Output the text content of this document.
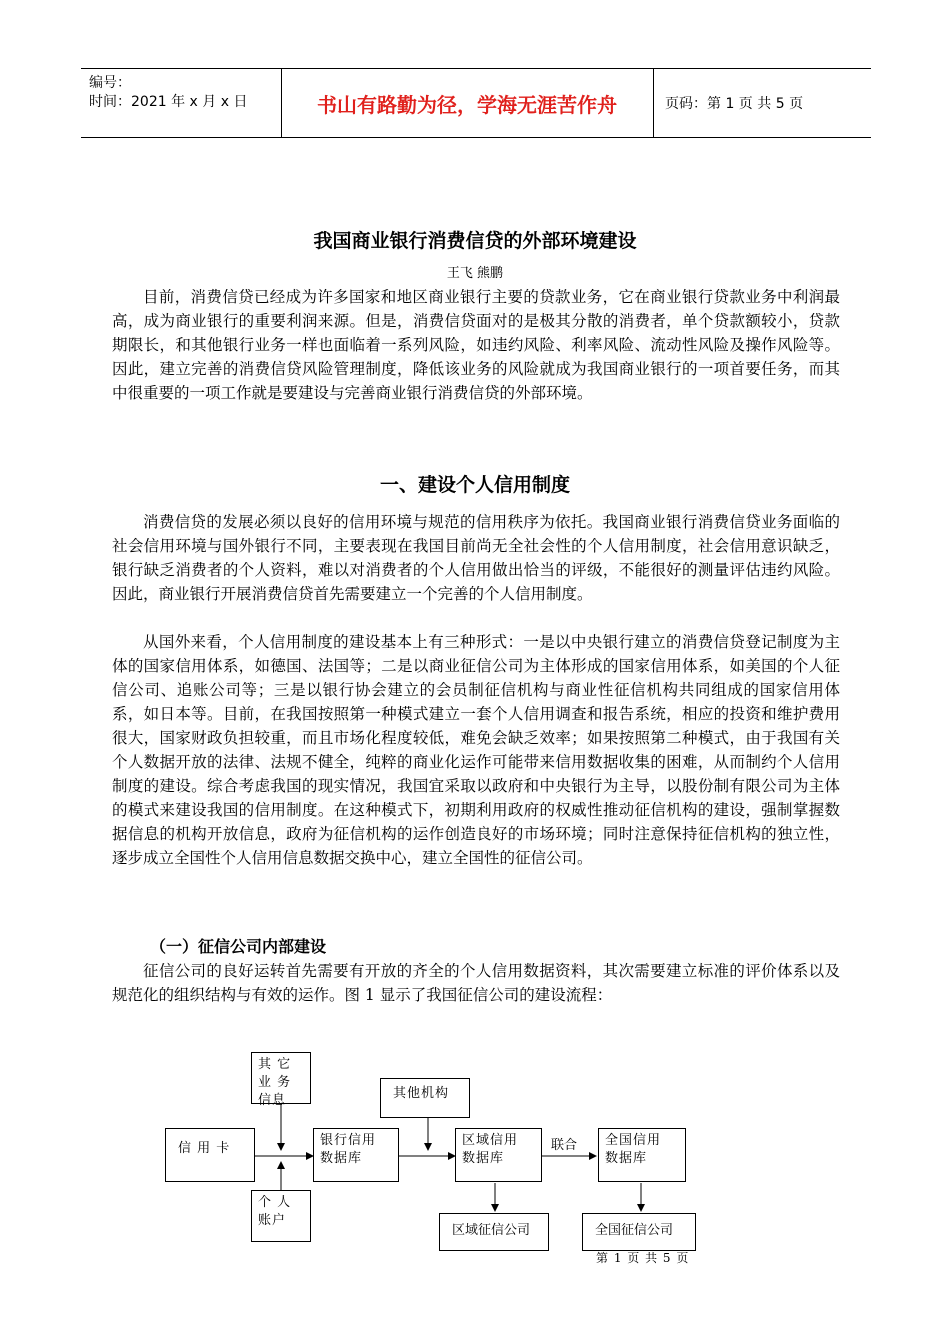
编号：
时间：2021 年 x 月 x 日	书山有路勤为径，学海无涯苦作舟	页码：第 1 页 共 5 页
我国商业银行消费信贷的外部环境建设
王飞 熊鹏

目前，消费信贷已经成为许多国家和地区商业银行主要的贷款业务，它在商业银行贷款业务中利润最高，成为商业银行的重要利润来源。但是，消费信贷面对的是极其分散的消费者，单个贷款额较小，贷款期限长，和其他银行业务一样也面临着一系列风险，如违约风险、利率风险、流动性风险及操作风险等。因此，建立完善的消费信贷风险管理制度，降低该业务的风险就成为我国商业银行的一项首要任务，而其中很重要的一项工作就是要建设与完善商业银行消费信贷的外部环境。

一、建设个人信用制度

消费信贷的发展必须以良好的信用环境与规范的信用秩序为依托。我国商业银行消费信贷业务面临的社会信用环境与国外银行不同，主要表现在我国目前尚无全社会性的个人信用制度，社会信用意识缺乏，银行缺乏消费者的个人资料，难以对消费者的个人信用做出恰当的评级，不能很好的测量评估违约风险。因此，商业银行开展消费信贷首先需要建立一个完善的个人信用制度。

从国外来看，个人信用制度的建设基本上有三种形式：一是以中央银行建立的消费信贷登记制度为主体的国家信用体系，如德国、法国等；二是以商业征信公司为主体形成的国家信用体系，如美国的个人征信公司、追账公司等；三是以银行协会建立的会员制征信机构与商业性征信机构共同组成的国家信用体系，如日本等。目前，在我国按照第一种模式建立一套个人信用调查和报告系统，相应的投资和维护费用很大，国家财政负担较重，而且市场化程度较低，难免会缺乏效率；如果按照第二种模式，由于我国有关个人数据开放的法律、法规不健全，纯粹的商业化运作可能带来信用数据收集的困难，从而制约个人信用制度的建设。综合考虑我国的现实情况，我国宜采取以政府和中央银行为主导，以股份制有限公司为主体的模式来建设我国的信用制度。在这种模式下，初期利用政府的权威性推动征信机构的建设，强制掌握数据信息的机构开放信息，政府为征信机构的运作创造良好的市场环境；同时注意保持征信机构的独立性，逐步成立全国性个人信用信息数据交换中心，建立全国性的征信公司。

（一）征信公司内部建设

征信公司的良好运转首先需要有开放的齐全的个人信用数据资料，其次需要建立标准的评价体系以及规范化的组织结构与有效的运作。图 1 显示了我国征信公司的建设流程：

其 它 业 务信息	其他机构
信 用 卡
个 人 账户
银行信用 数据库
区域信用 数据库
联合	全国信用 数据库
区域征信公司	全国征信公司
第 1 页 共 5 页
